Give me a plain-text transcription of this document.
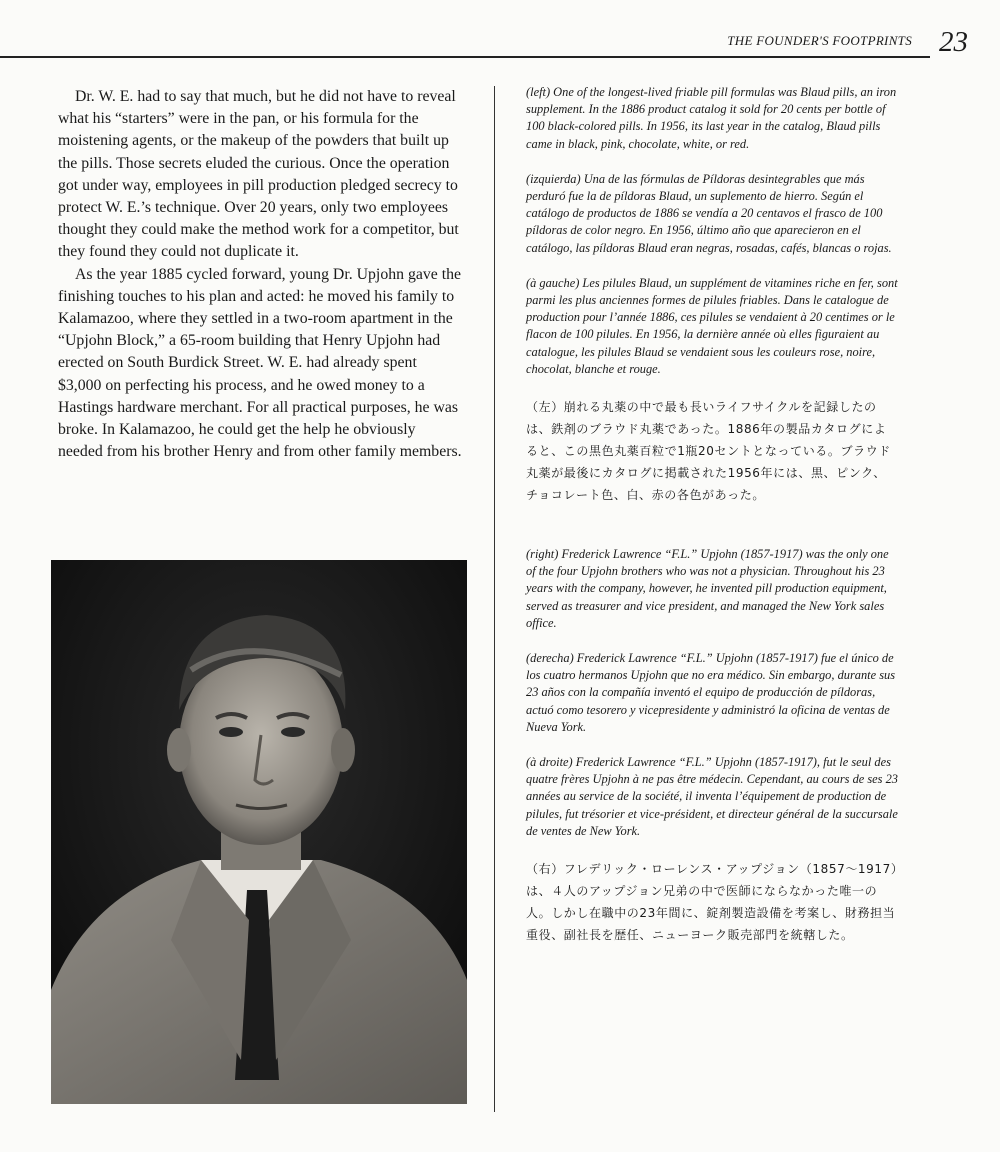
THE FOUNDER'S FOOTPRINTS 23

Dr. W. E. had to say that much, but he did not have to reveal what his “starters” were in the pan, or his formula for the moistening agents, or the makeup of the powders that built up the pills. Those secrets eluded the curious. Once the operation got under way, employees in pill production pledged secrecy to protect W. E.’s technique. Over 20 years, only two employees thought they could make the method work for a competitor, but they found they could not duplicate it.

As the year 1885 cycled forward, young Dr. Upjohn gave the finishing touches to his plan and acted: he moved his family to Kalamazoo, where they settled in a two-room apartment in the “Upjohn Block,” a 65-room building that Henry Upjohn had erected on South Burdick Street. W. E. had already spent $3,000 on perfecting his process, and he owed money to a Hastings hardware merchant. For all practical purposes, he was broke. In Kalamazoo, he could get the help he obviously needed from his brother Henry and from other family members.

(left) One of the longest-lived friable pill formulas was Blaud pills, an iron supplement. In the 1886 product catalog it sold for 20 cents per bottle of 100 black-colored pills. In 1956, its last year in the catalog, Blaud pills came in black, pink, chocolate, white, or red.

(izquierda) Una de las fórmulas de Píldoras desintegrables que más perduró fue la de píldoras Blaud, un suplemento de hierro. Según el catálogo de productos de 1886 se vendía a 20 centavos el frasco de 100 píldoras de color negro. En 1956, último año que aparecieron en el catálogo, las píldoras Blaud eran negras, rosadas, cafés, blancas o rojas.

(à gauche) Les pilules Blaud, un supplément de vitamines riche en fer, sont parmi les plus anciennes formes de pilules friables. Dans le catalogue de production pour l’année 1886, ces pilules se vendaient à 20 centimes or le flacon de 100 pilules. En 1956, la dernière année où elles figuraient au catalogue, les pilules Blaud se vendaient sous les couleurs rose, noire, chocolat, blanche et rouge.

（左）崩れる丸薬の中で最も長いライフサイクルを記録したのは、鉄剤のブラウド丸薬であった。1886年の製品カタログによると、この黒色丸薬百粒で1瓶20セントとなっている。ブラウド丸薬が最後にカタログに掲載された1956年には、黒、ピンク、チョコレート色、白、赤の各色があった。

(right) Frederick Lawrence “F.L.” Upjohn (1857-1917) was the only one of the four Upjohn brothers who was not a physician. Throughout his 23 years with the company, however, he invented pill production equipment, served as treasurer and vice president, and managed the New York sales office.

(derecha) Frederick Lawrence “F.L.” Upjohn (1857-1917) fue el único de los cuatro hermanos Upjohn que no era médico. Sin embargo, durante sus 23 años con la compañía inventó el equipo de producción de píldoras, actuó como tesorero y vicepresidente y administró la oficina de ventas de Nueva York.

(à droite) Frederick Lawrence “F.L.” Upjohn (1857-1917), fut le seul des quatre frères Upjohn à ne pas être médecin. Cependant, au cours de ses 23 années au service de la société, il inventa l’équipement de production de pilules, fut trésorier et vice-président, et directeur général de la succursale de ventes de New York.

（右）フレデリック・ローレンス・アップジョン（1857～1917）は、４人のアップジョン兄弟の中で医師にならなかった唯一の人。しかし在職中の23年間に、錠剤製造設備を考案し、財務担当重役、副社長を歴任、ニューヨーク販売部門を統轄した。
